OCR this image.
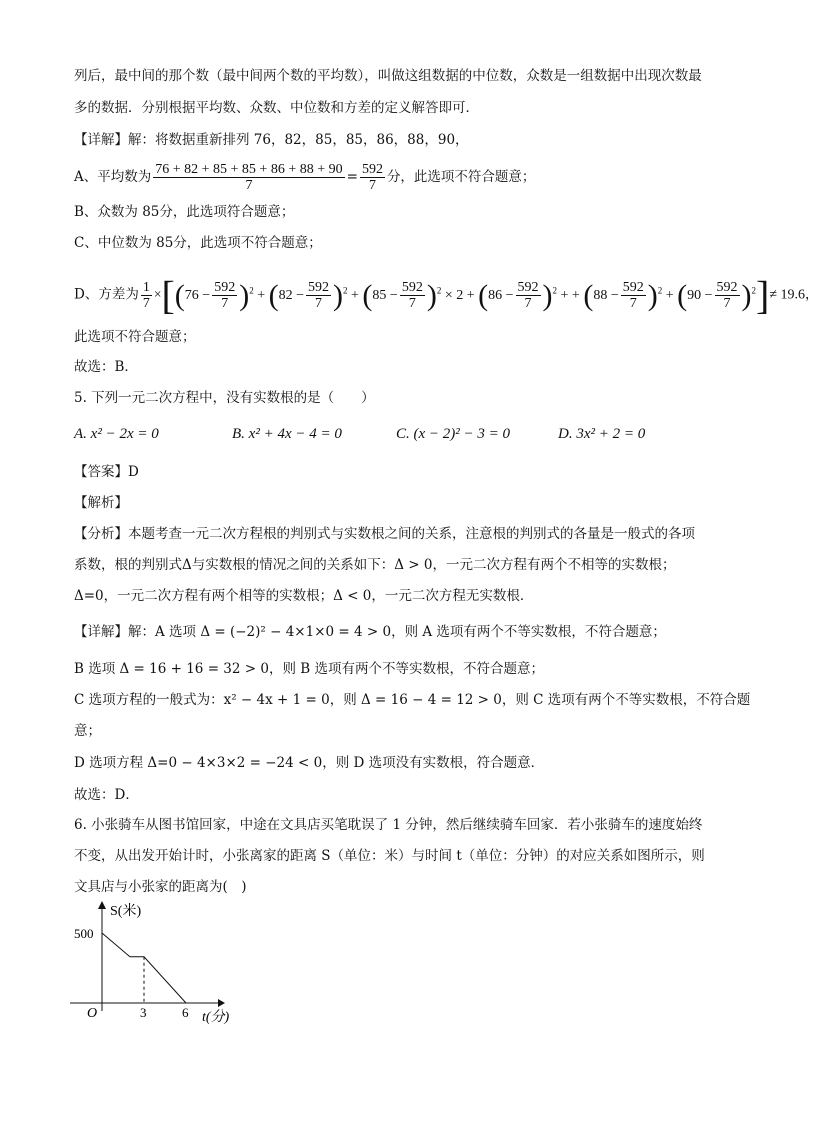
列后，最中间的那个数（最中间两个数的平均数），叫做这组数据的中位数，众数是一组数据中出现次数最
多的数据．分别根据平均数、众数、中位数和方差的定义解答即可．
【详解】解：将数据重新排列 76，82，85，85，86，88，90，
A、平均数为 $\frac{76 + 82 + 85 + 85 + 86 + 88 + 90}{7} = \frac{592}{7}$ 分，此选项不符合题意；
B、众数为 85分，此选项符合题意；
C、中位数为 85分，此选项不符合题意；
D、方差为 $\frac{1}{7} \times[(76 - \frac{592}{7} )^2 + (82 - \frac{592}{7} )^2 + (85 - \frac{592}{7} )^2 \times 2 + (86 - \frac{592}{7} )^2$ + + $(88 - \frac{592}{7} )^2 + (90 - \frac{592}{7} )^2]\ne 19.6$，
此选项不符合题意；
故选：B．
5. 下列一元二次方程中，没有实数根的是（　　）
A. x² − 2x = 0	B. x² + 4x − 4 = 0	C. (x − 2)² − 3 = 0	D. 3x² + 2 = 0
【答案】D
【解析】
【分析】本题考查一元二次方程根的判别式与实数根之间的关系，注意根的判别式的各量是一般式的各项
系数，根的判别式Δ与实数根的情况之间的关系如下：Δ > 0，一元二次方程有两个不相等的实数根；
Δ=0，一元二次方程有两个相等的实数根；Δ < 0，一元二次方程无实数根．
【详解】解：A 选项 Δ = (−2)² − 4×1×0 = 4 > 0，则 A 选项有两个不等实数根，不符合题意；
B 选项 Δ = 16 + 16 = 32 > 0，则 B 选项有两个不等实数根，不符合题意；
C 选项方程的一般式为：x² − 4x + 1 = 0，则 Δ = 16 − 4 = 12 > 0，则 C 选项有两个不等实数根，不符合题
意；
D 选项方程 Δ=0 − 4×3×2 = −24 < 0，则 D 选项没有实数根，符合题意．
故选：D．
6. 小张骑车从图书馆回家，中途在文具店买笔耽误了 1 分钟，然后继续骑车回家．若小张骑车的速度始终
不变，从出发开始计时，小张离家的距离 S（单位：米）与时间 t（单位：分钟）的对应关系如图所示，则
文具店与小张家的距离为(　)
S(米)
t(分)
O
500
3	6
